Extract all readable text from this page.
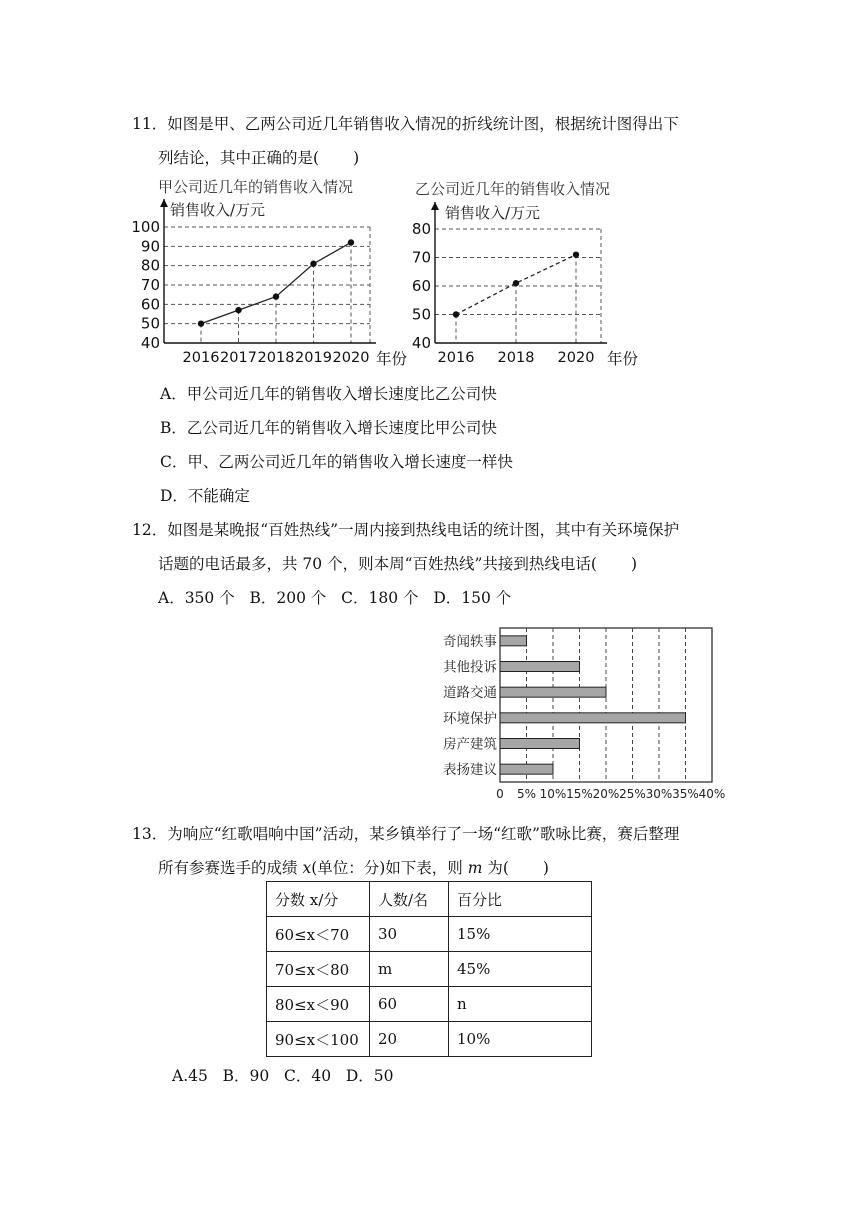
11．如图是甲、乙两公司近几年销售收入情况的折线统计图，根据统计图得出下
列结论，其中正确的是( )
甲公司近几年的销售收入情况
销售收入/万元
40
50
60
70
80
90
100
2016 2017 2018 2019 2020 年份
乙公司近几年的销售收入情况
销售收入/万元
40
50
60
70
80
2016 2018 2020 年份
A．甲公司近几年的销售收入增长速度比乙公司快
B．乙公司近几年的销售收入增长速度比甲公司快
C．甲、乙两公司近几年的销售收入增长速度一样快
D．不能确定
12．如图是某晚报“百姓热线”一周内接到热线电话的统计图，其中有关环境保护
话题的电话最多，共 70 个，则本周“百姓热线”共接到热线电话( )
A．350 个   B．200 个   C．180 个   D．150 个
奇闻轶事
其他投诉
道路交通
环境保护
房产建筑
表扬建议
0 5% 10% 15% 20% 25% 30% 35% 40%
13．为响应“红歌唱响中国”活动，某乡镇举行了一场“红歌”歌咏比赛，赛后整理
所有参赛选手的成绩 x(单位：分)如下表，则 m 为( )
分数 x/分	人数/名	百分比
60≤x＜70	30	15%
70≤x＜80	m	45%
80≤x＜90	60	n
90≤x＜100	20	10%
A.45   B．90   C．40   D．50
